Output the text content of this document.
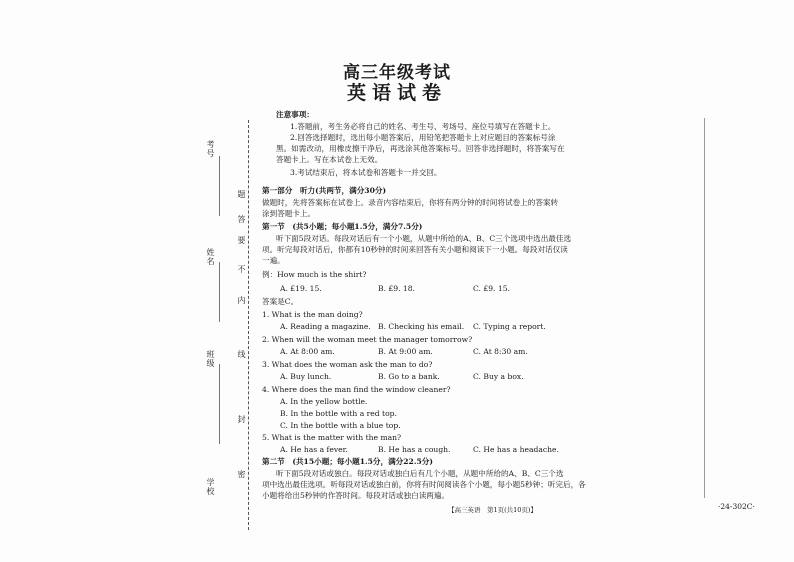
考号
姓名
班级
学校
密
封
线
内
不
要
答
题
高三年级考试
英语试卷
注意事项：
1.答题前，考生务必将自己的姓名、考生号、考场号、座位号填写在答题卡上。
2.回答选择题时，选出每小题答案后，用铅笔把答题卡上对应题目的答案标号涂
黑。如需改动，用橡皮擦干净后，再选涂其他答案标号。回答非选择题时，将答案写在
答题卡上。写在本试卷上无效。
3.考试结束后，将本试卷和答题卡一并交回。
第一部分　听力(共两节，满分30分)
做题时，先将答案标在试卷上。录音内容结束后，你将有两分钟的时间将试卷上的答案转
涂到答题卡上。
第一节　(共5小题；每小题1.5分，满分7.5分)
听下面5段对话。每段对话后有一个小题，从题中所给的A、B、C三个选项中选出最佳选
项。听完每段对话后，你都有10秒钟的时间来回答有关小题和阅读下一小题。每段对话仅读
一遍。
例：How much is the shirt?
A. £19. 15.	B. £9. 18.	C. £9. 15.
答案是C。
1. What is the man doing?
A. Reading a magazine. B. Checking his email. C. Typing a report.
2. When will the woman meet the manager tomorrow?
A. At 8:00 am.	B. At 9:00 am.	C. At 8:30 am.
3. What does the woman ask the man to do?
A. Buy lunch.	B. Go to a bank.	C. Buy a box.
4. Where does the man find the window cleaner?
A. In the yellow bottle.
B. In the bottle with a red top.
C. In the bottle with a blue top.
5. What is the matter with the man?
A. He has a fever.	B. He has a cough.	C. He has a headache.
第二节　(共15小题；每小题1.5分，满分22.5分)
听下面5段对话或独白。每段对话或独白后有几个小题，从题中所给的A、B、C三个选
项中选出最佳选项。听每段对话或独白前，你将有时间阅读各个小题，每小题5秒钟；听完后，各
小题将给出5秒钟的作答时间。每段对话或独白读两遍。
【高三英语　第1页(共10页)】	·24-302C·
